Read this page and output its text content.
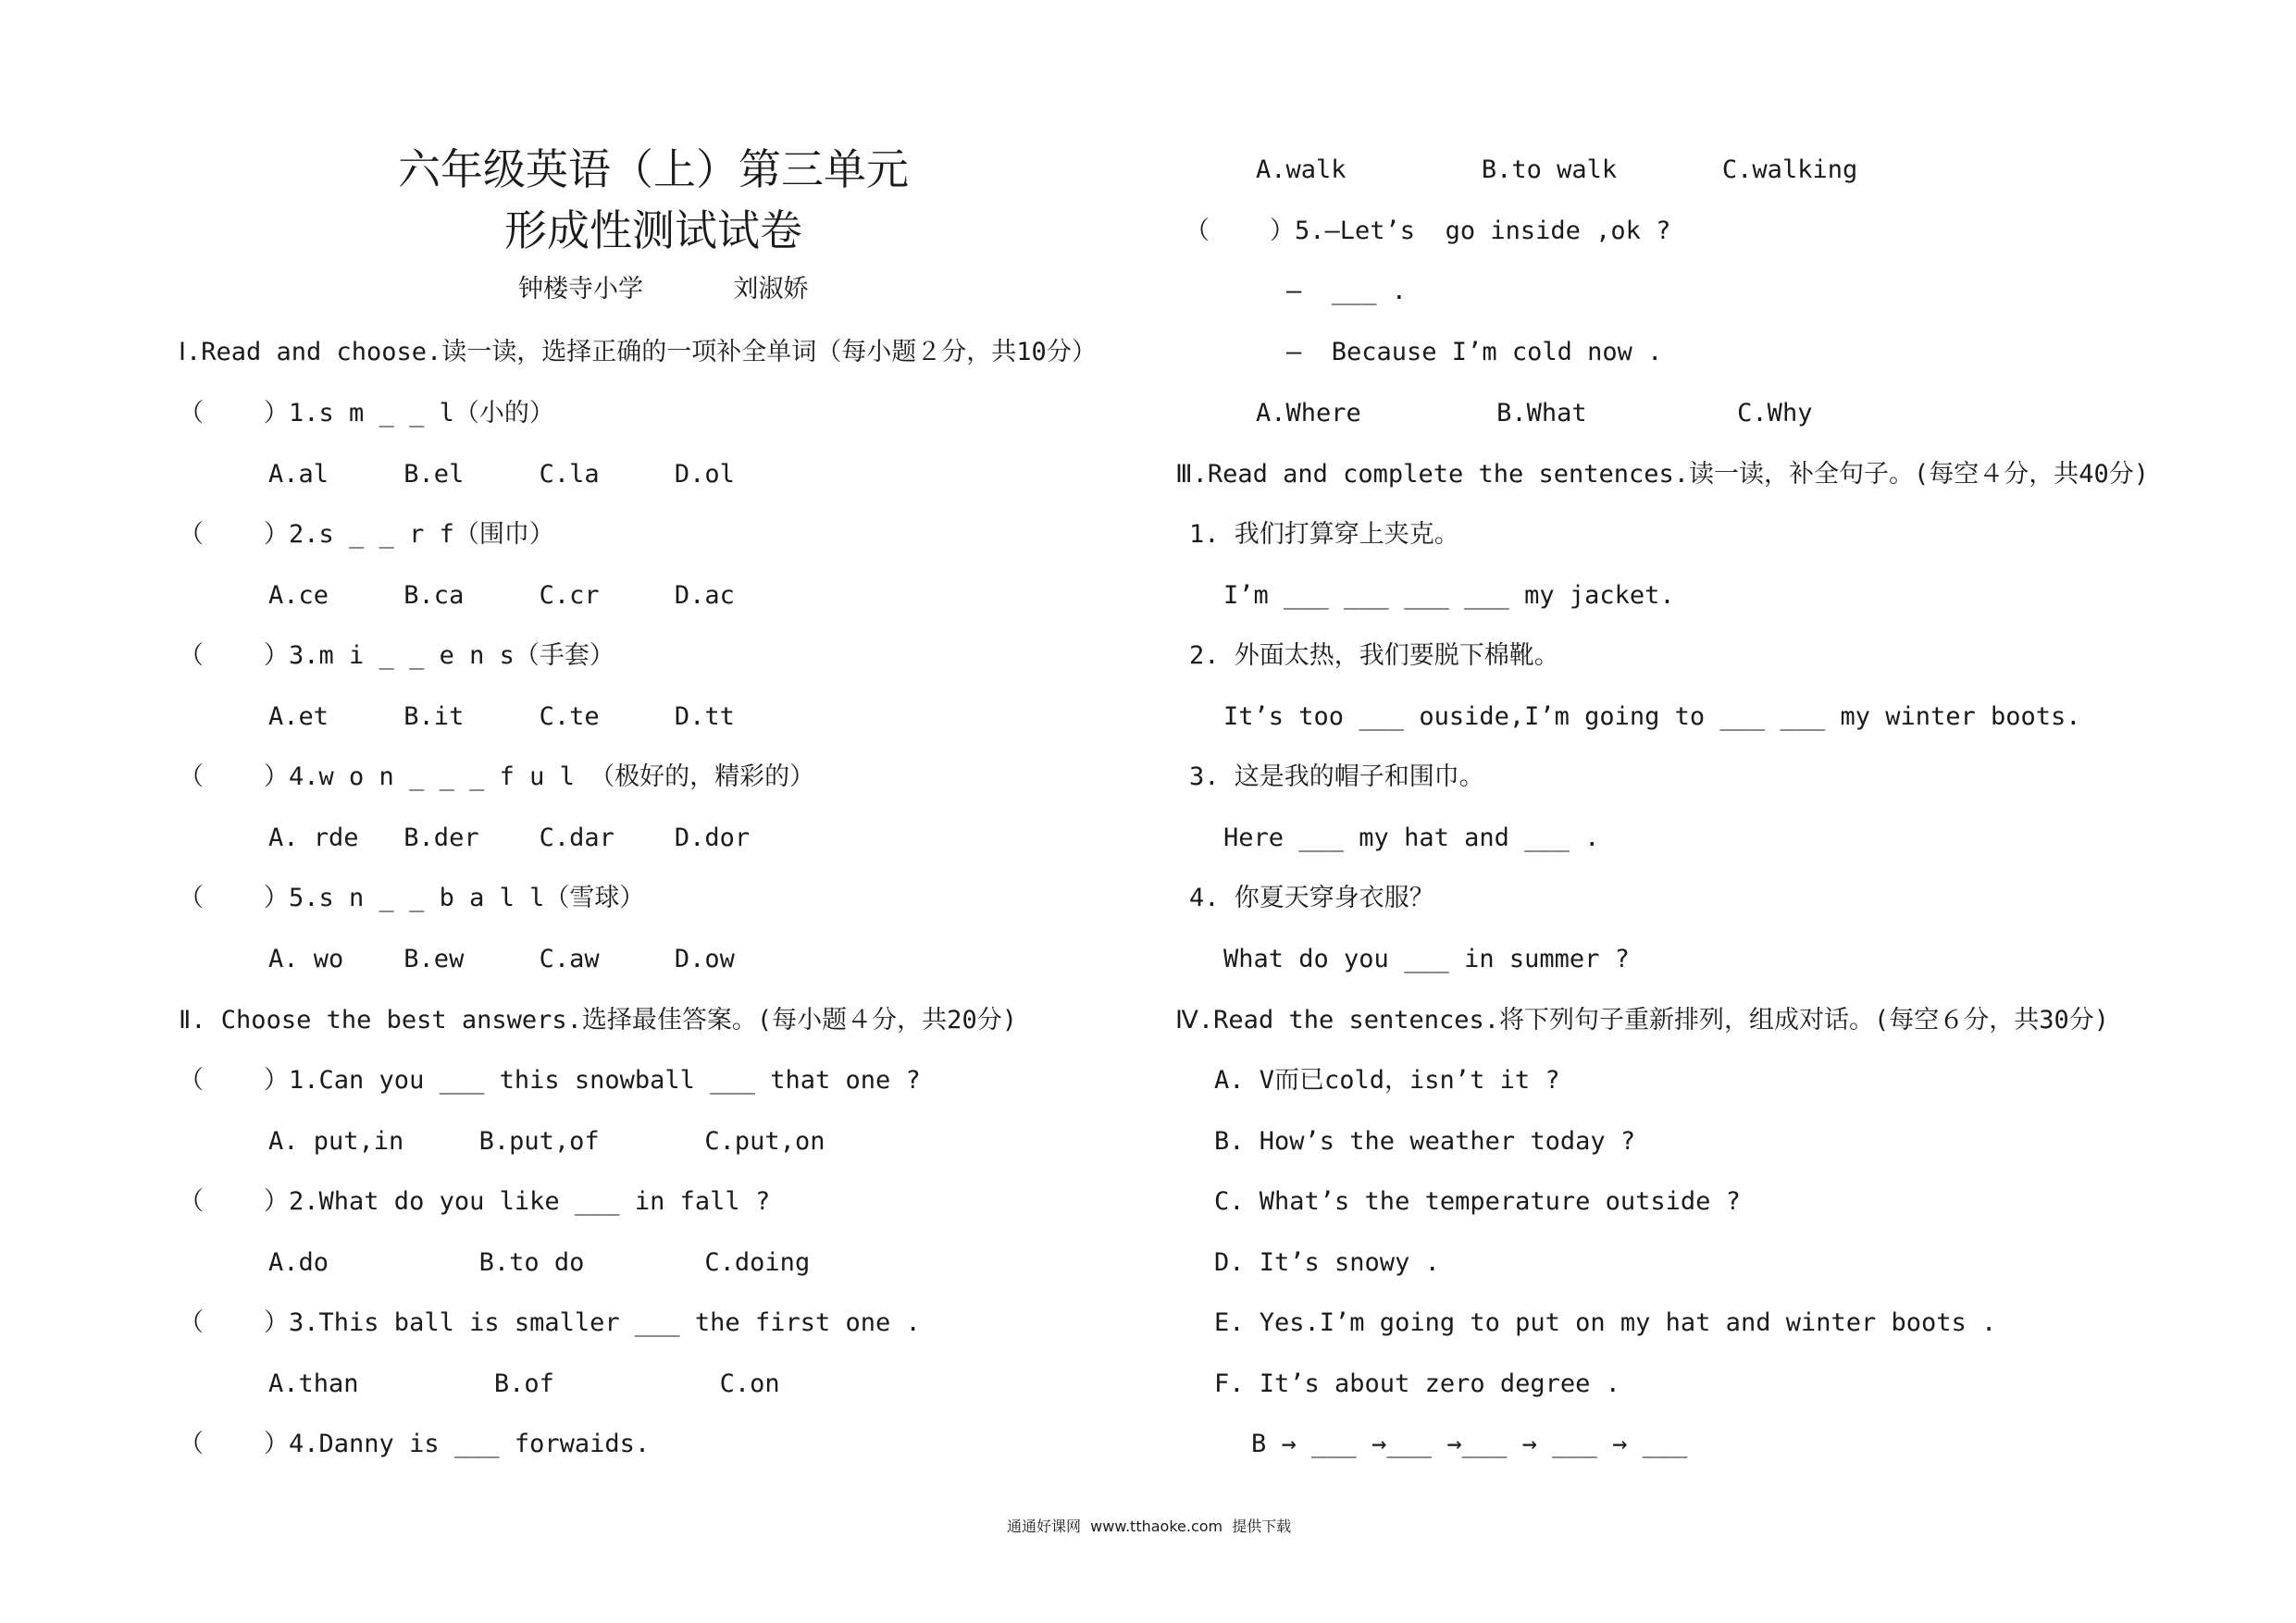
六年级英语（上）第三单元
形成性测试试卷
钟楼寺小学      刘淑娇
Ⅰ.Read and choose.读一读，选择正确的一项补全单词（每小题２分，共10分）
（    ）1.s m _ _ l（小的）
A.al     B.el     C.la     D.ol
（    ）2.s _ _ r f（围巾）
A.ce     B.ca     C.cr     D.ac
（    ）3.m i _ _ e n s（手套）
A.et     B.it     C.te     D.tt
（    ）4.w o n _ _ _ f u l （极好的，精彩的）
A. rde   B.der    C.dar    D.dor
（    ）5.s n _ _ b a l l（雪球）
A. wo    B.ew     C.aw     D.ow
Ⅱ. Choose the best answers.选择最佳答案。(每小题４分，共20分)
（    ）1.Can you ___ this snowball ___ that one ?
A. put,in     B.put,of       C.put,on
（    ）2.What do you like ___ in fall ?
A.do          B.to do        C.doing
（    ）3.This ball is smaller ___ the first one .
A.than         B.of           C.on
（    ）4.Danny is ___ forwaids.
A.walk         B.to walk       C.walking
（    ）5.—Let’s  go inside ,ok ?
—  ___ .
—  Because I’m cold now .
A.Where         B.What          C.Why
Ⅲ.Read and complete the sentences.读一读，补全句子。(每空４分，共40分)
1. 我们打算穿上夹克。
I’m ___ ___ ___ ___ my jacket.
2. 外面太热，我们要脱下棉靴。
It’s too ___ ouside,I’m going to ___ ___ my winter boots.
3. 这是我的帽子和围巾。
Here ___ my hat and ___ .
4. 你夏天穿身衣服？
What do you ___ in summer ?
Ⅳ.Read the sentences.将下列句子重新排列，组成对话。(每空６分，共30分)
A. V而已cold，isn’t it ?
B. How’s the weather today ?
C. What’s the temperature outside ?
D. It’s snowy .
E. Yes.I’m going to put on my hat and winter boots .
F. It’s about zero degree .
B → ___ →___ →___ → ___ → ___
通通好课网  www.tthaoke.com  提供下载
